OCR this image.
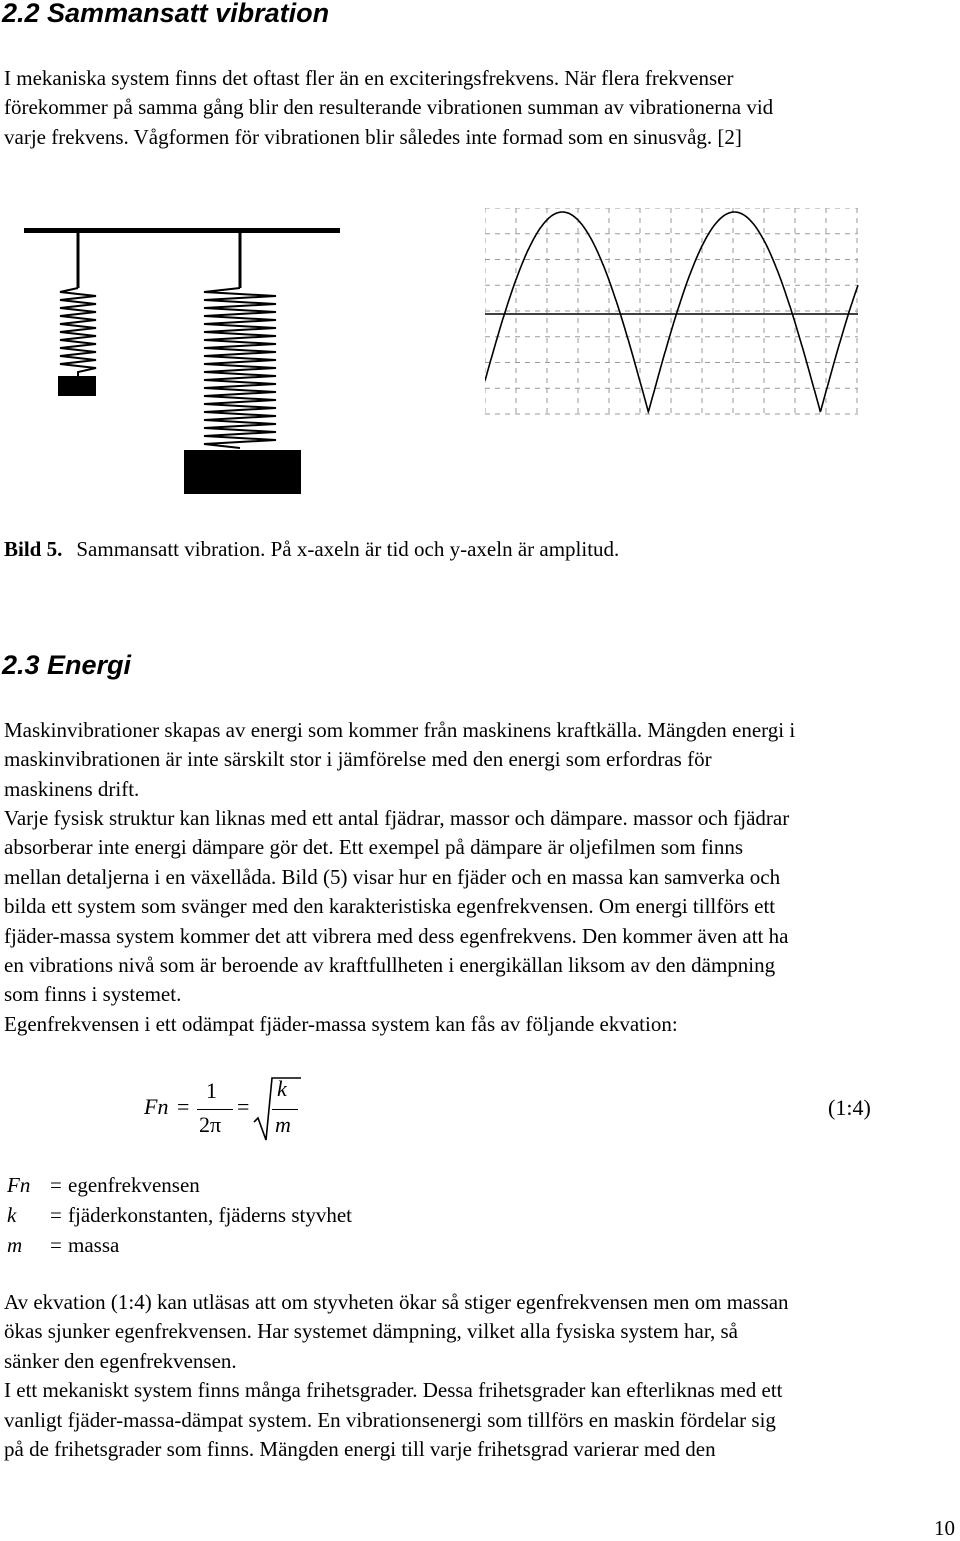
2.2 Sammansatt vibration
I mekaniska system finns det oftast fler än en exciteringsfrekvens. När flera frekvenser
förekommer på samma gång blir den resulterande vibrationen summan av vibrationerna vid
varje frekvens. Vågformen för vibrationen blir således inte formad som en sinusvåg. [2]
Bild 5. Sammansatt vibration. På x-axeln är tid och y-axeln är amplitud.
2.3 Energi
Maskinvibrationer skapas av energi som kommer från maskinens kraftkälla. Mängden energi i
maskinvibrationen är inte särskilt stor i jämförelse med den energi som erfordras för
maskinens drift.
Varje fysisk struktur kan liknas med ett antal fjädrar, massor och dämpare. massor och fjädrar
absorberar inte energi dämpare gör det. Ett exempel på dämpare är oljefilmen som finns
mellan detaljerna i en växellåda. Bild (5) visar hur en fjäder och en massa kan samverka och
bilda ett system som svänger med den karakteristiska egenfrekvensen. Om energi tillförs ett
fjäder-massa system kommer det att vibrera med dess egenfrekvens. Den kommer även att ha
en vibrations nivå som är beroende av kraftfullheten i energikällan liksom av den dämpning
som finns i systemet.
Egenfrekvensen i ett odämpat fjäder-massa system kan fås av följande ekvation:
Fn =
1
2π
=
k
m
(1:4)
Fn = egenfrekvensen
k = fjäderkonstanten, fjäderns styvhet
m = massa
Av ekvation (1:4) kan utläsas att om styvheten ökar så stiger egenfrekvensen men om massan
ökas sjunker egenfrekvensen. Har systemet dämpning, vilket alla fysiska system har, så
sänker den egenfrekvensen.
I ett mekaniskt system finns många frihetsgrader. Dessa frihetsgrader kan efterliknas med ett
vanligt fjäder-massa-dämpat system. En vibrationsenergi som tillförs en maskin fördelar sig
på de frihetsgrader som finns. Mängden energi till varje frihetsgrad varierar med den
10
